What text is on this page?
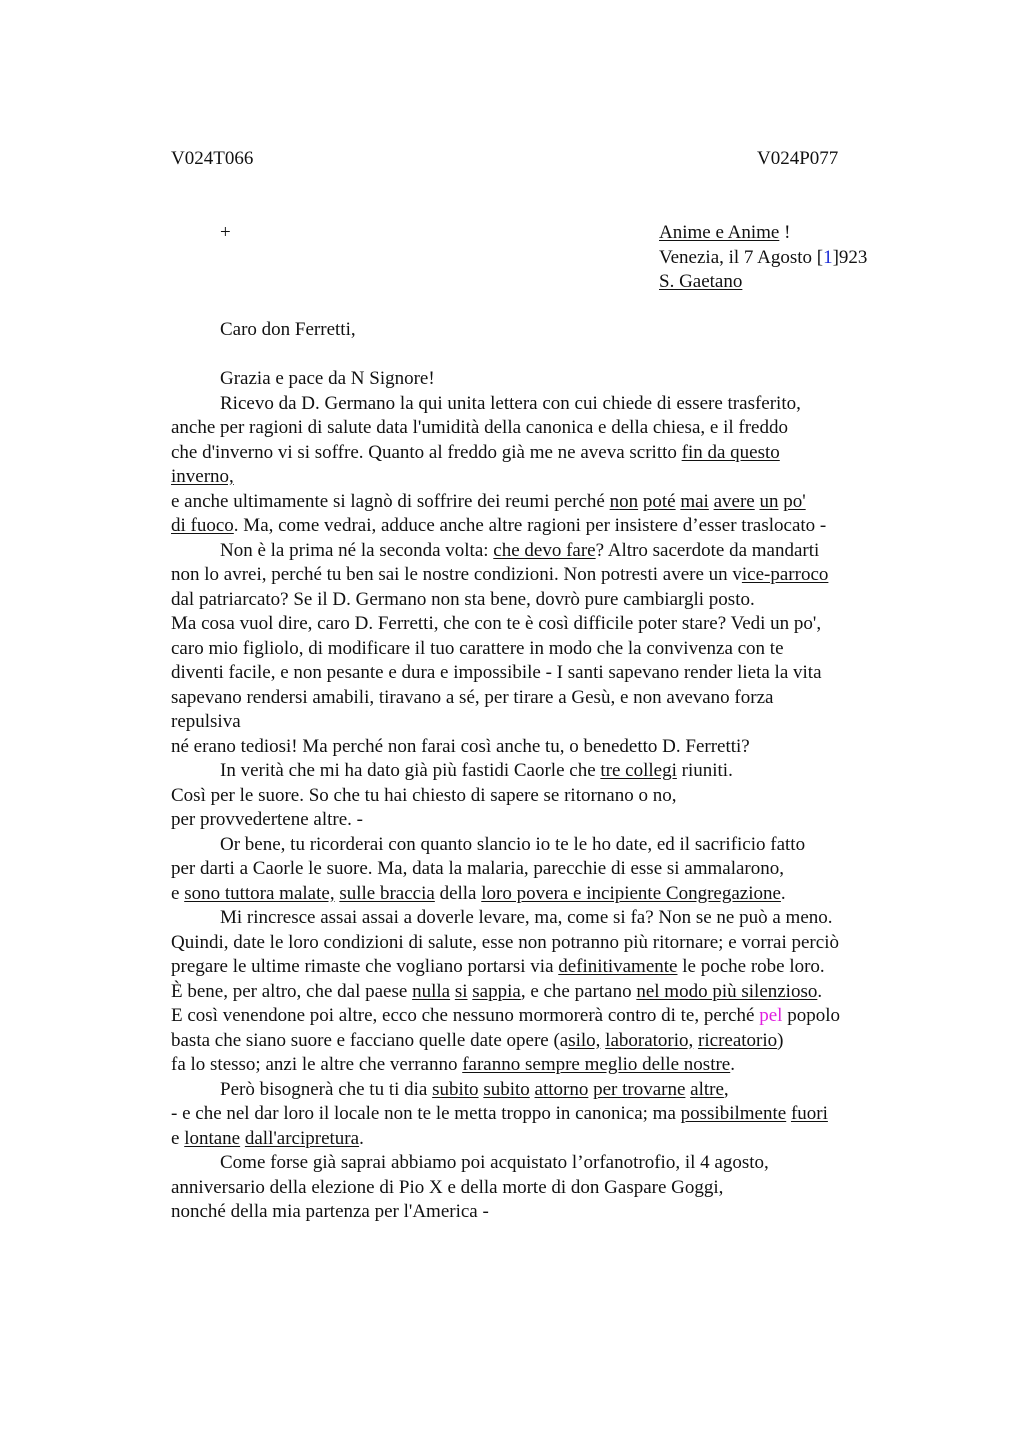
V024T066	V024P077
+	Anime e Anime !
Venezia, il 7 Agosto [1]923
S. Gaetano
Caro don Ferretti,
Grazia e pace da N Signore!
Ricevo da D. Germano la qui unita lettera con cui chiede di essere trasferito,
anche per ragioni di salute data l'umidità della canonica e della chiesa, e il freddo
che d'inverno vi si soffre. Quanto al freddo già me ne aveva scritto fin da questo
inverno,
e anche ultimamente si lagnò di soffrire dei reumi perché non poté mai avere un po'
di fuoco. Ma, come vedrai, adduce anche altre ragioni per insistere d’esser traslocato -
Non è la prima né la seconda volta: che devo fare? Altro sacerdote da mandarti
non lo avrei, perché tu ben sai le nostre condizioni. Non potresti avere un vice-parroco
dal patriarcato? Se il D. Germano non sta bene, dovrò pure cambiargli posto.
Ma cosa vuol dire, caro D. Ferretti, che con te è così difficile poter stare? Vedi un po',
caro mio figliolo, di modificare il tuo carattere in modo che la convivenza con te
diventi facile, e non pesante e dura e impossibile - I santi sapevano render lieta la vita
sapevano rendersi amabili, tiravano a sé, per tirare a Gesù, e non avevano forza
repulsiva
né erano tediosi! Ma perché non farai così anche tu, o benedetto D. Ferretti?
In verità che mi ha dato già più fastidi Caorle che tre collegi riuniti.
Così per le suore. So che tu hai chiesto di sapere se ritornano o no,
per provvedertene altre. -
Or bene, tu ricorderai con quanto slancio io te le ho date, ed il sacrificio fatto
per darti a Caorle le suore. Ma, data la malaria, parecchie di esse si ammalarono,
e sono tuttora malate, sulle braccia della loro povera e incipiente Congregazione.
Mi rincresce assai assai a doverle levare, ma, come si fa? Non se ne può a meno.
Quindi, date le loro condizioni di salute, esse non potranno più ritornare; e vorrai perciò
pregare le ultime rimaste che vogliano portarsi via definitivamente le poche robe loro.
È bene, per altro, che dal paese nulla si sappia, e che partano nel modo più silenzioso.
E così venendone poi altre, ecco che nessuno mormorerà contro di te, perché pel popolo
basta che siano suore e facciano quelle date opere (asilo, laboratorio, ricreatorio)
fa lo stesso; anzi le altre che verranno faranno sempre meglio delle nostre.
Però bisognerà che tu ti dia subito subito attorno per trovarne altre,
- e che nel dar loro il locale non te le metta troppo in canonica; ma possibilmente fuori
e lontane dall'arcipretura.
Come forse già saprai abbiamo poi acquistato l’orfanotrofio, il 4 agosto,
anniversario della elezione di Pio X e della morte di don Gaspare Goggi,
nonché della mia partenza per l'America -
